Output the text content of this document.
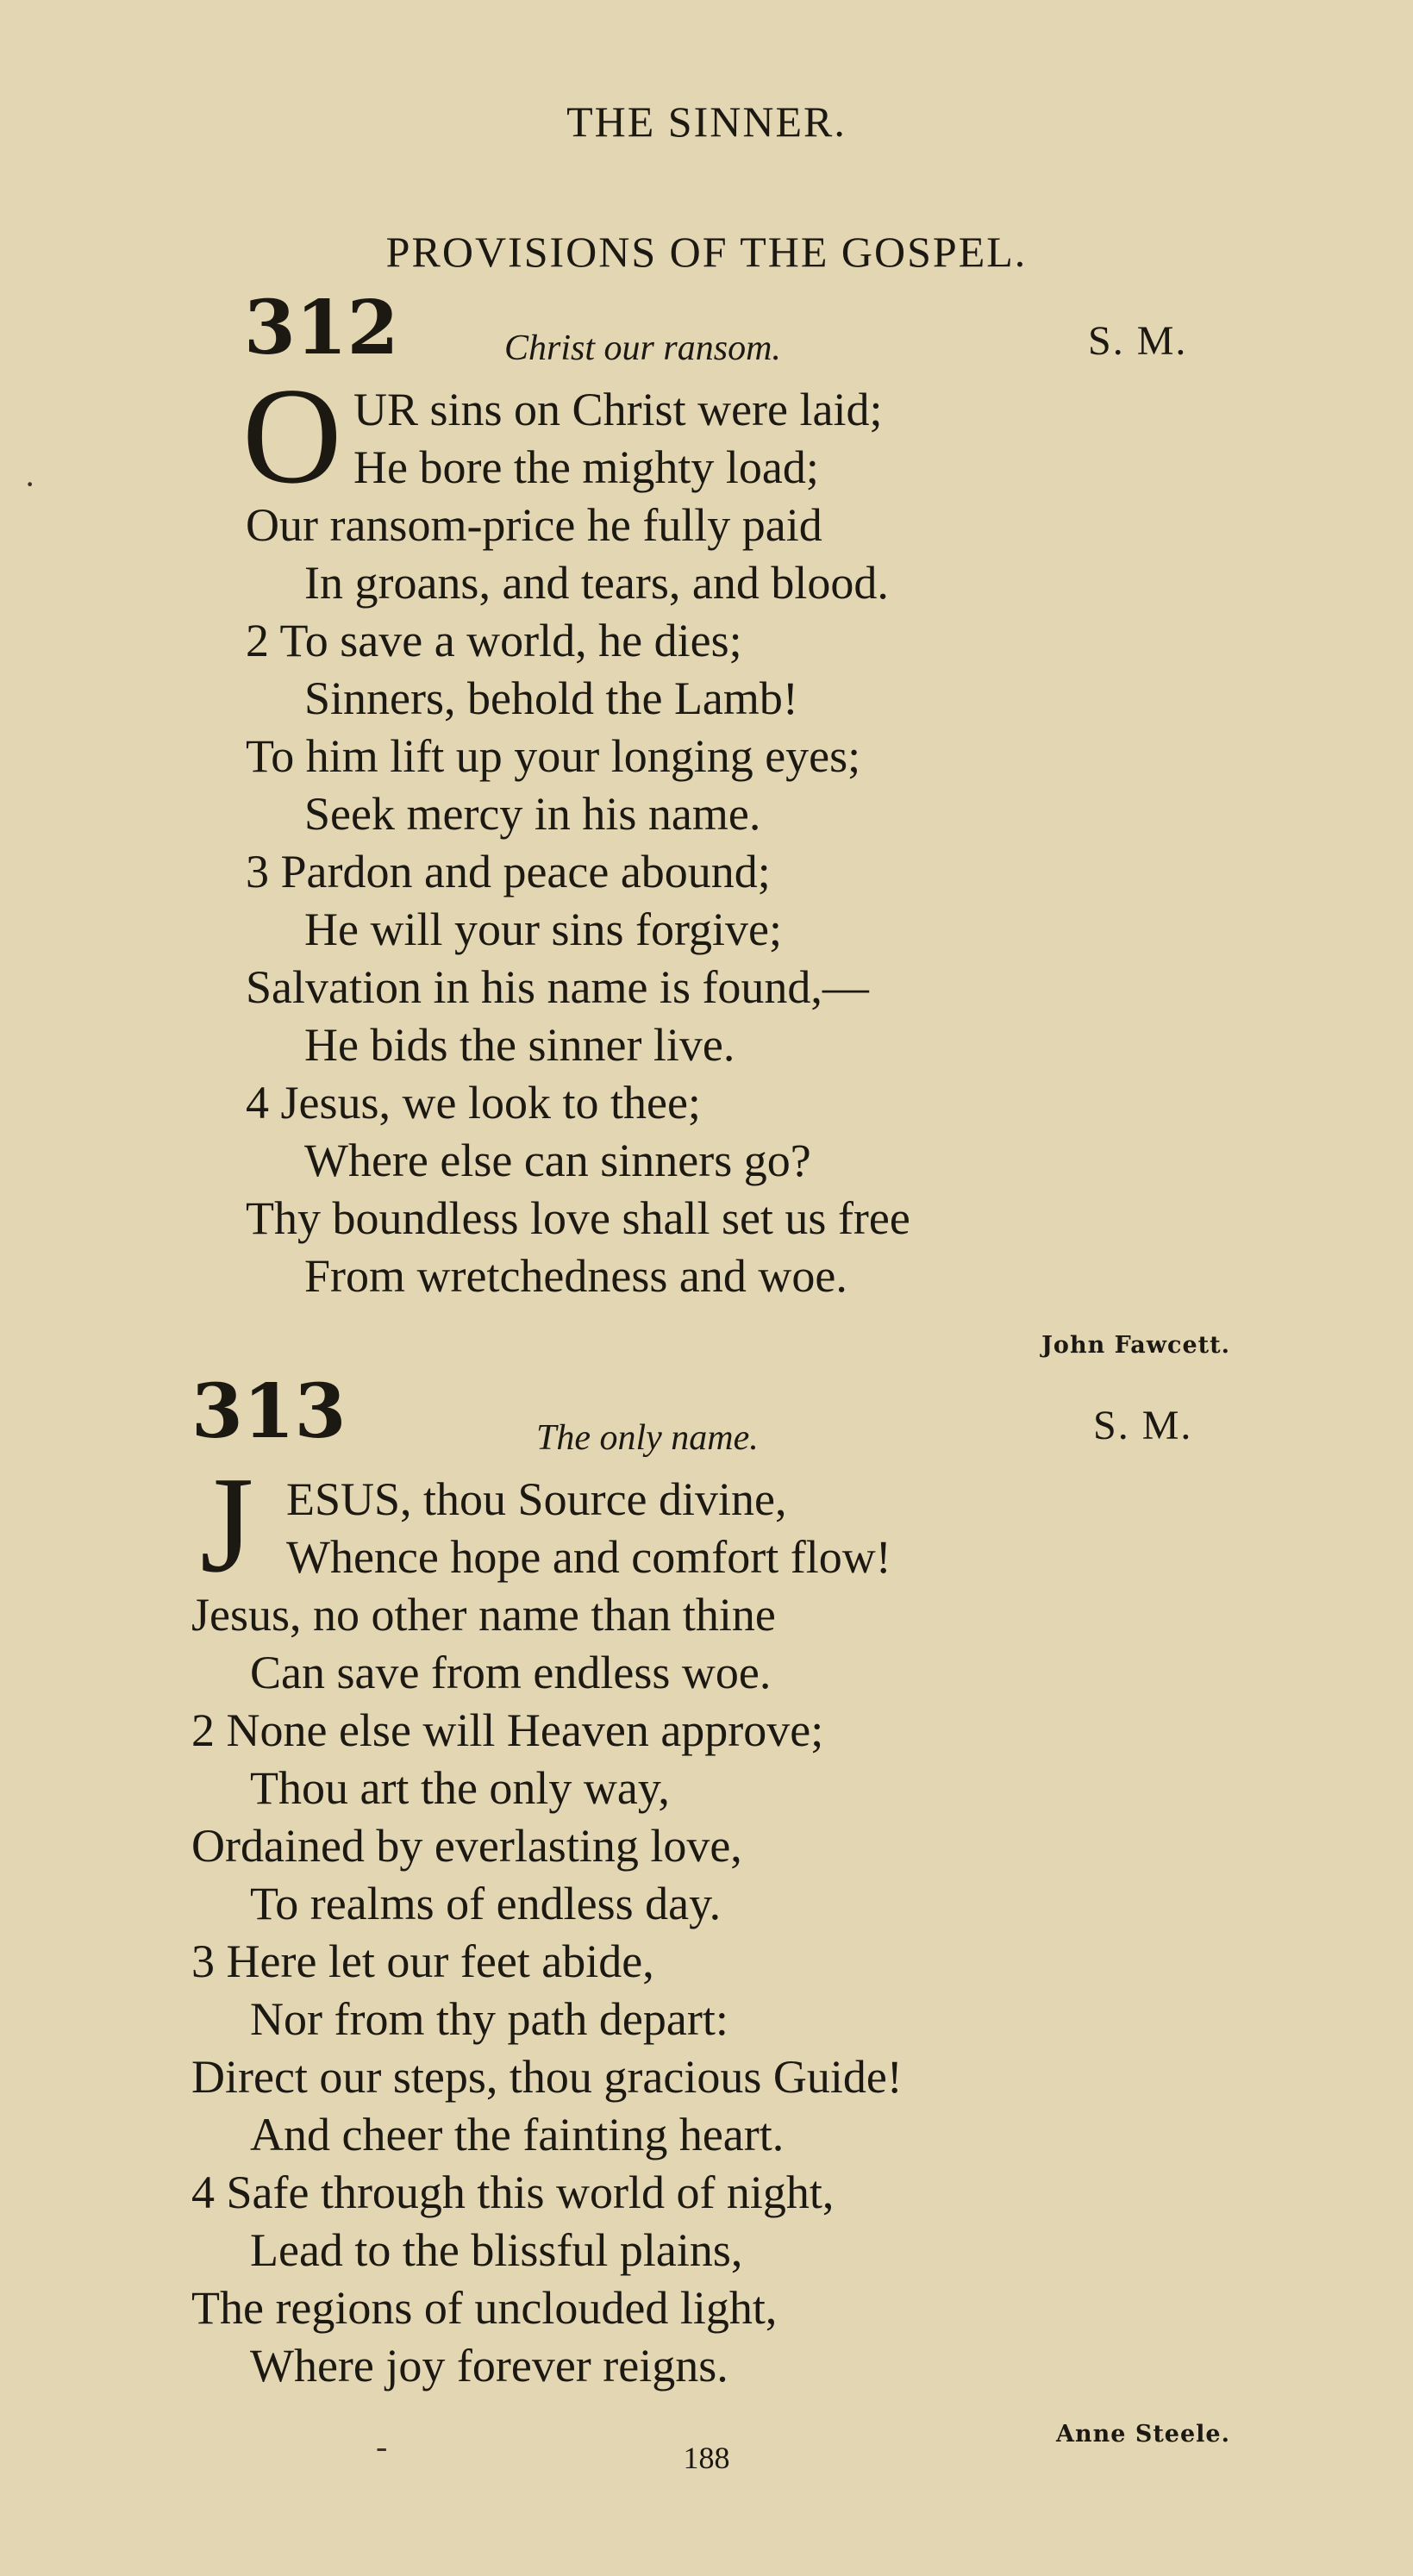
THE SINNER.
PROVISIONS OF THE GOSPEL.
312	Christ our ransom.	S. M.
O UR sins on Christ were laid;
He bore the mighty load;
Our ransom-price he fully paid
In groans, and tears, and blood.
2 To save a world, he dies;
Sinners, behold the Lamb!
To him lift up your longing eyes;
Seek mercy in his name.
3 Pardon and peace abound;
He will your sins forgive;
Salvation in his name is found,—
He bids the sinner live.
4 Jesus, we look to thee;
Where else can sinners go?
Thy boundless love shall set us free
From wretchedness and woe.
John Fawcett.
313	The only name.	S. M.
J ESUS, thou Source divine,
Whence hope and comfort flow!
Jesus, no other name than thine
Can save from endless woe.
2 None else will Heaven approve;
Thou art the only way,
Ordained by everlasting love,
To realms of endless day.
3 Here let our feet abide,
Nor from thy path depart:
Direct our steps, thou gracious Guide!
And cheer the fainting heart.
4 Safe through this world of night,
Lead to the blissful plains,
The regions of unclouded light,
Where joy forever reigns.
Anne Steele.
188
·
-
